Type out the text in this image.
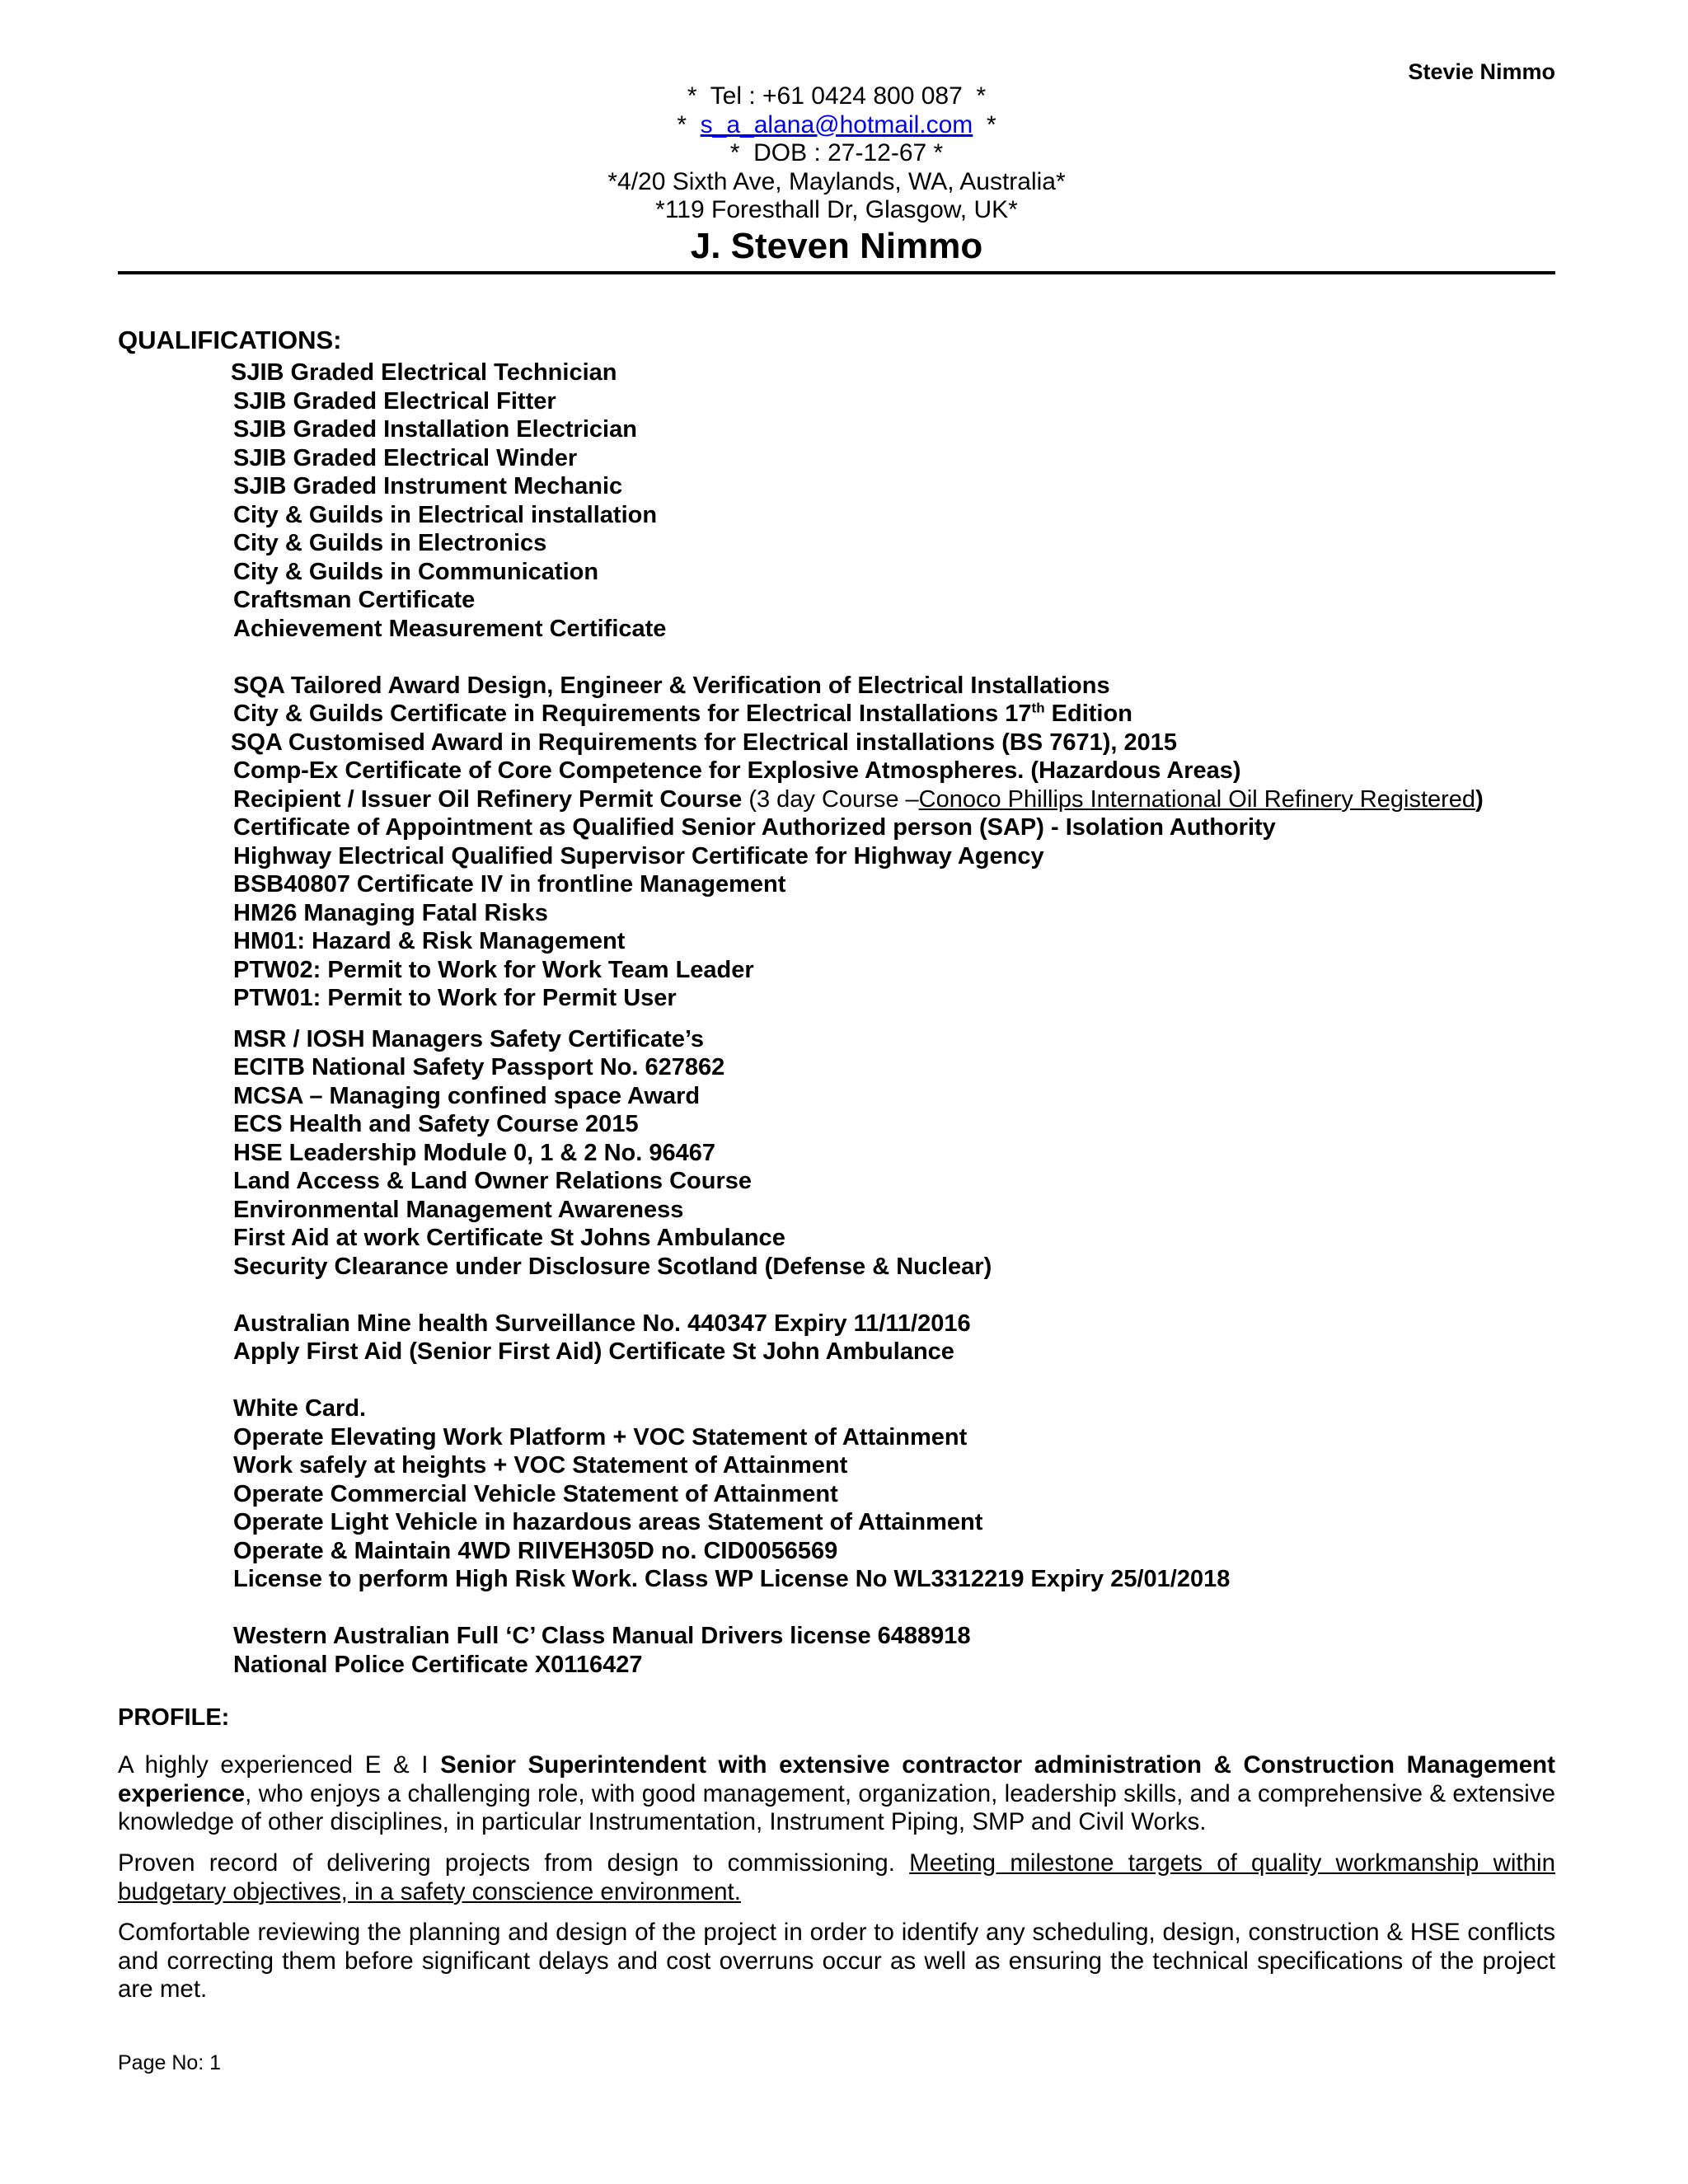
Stevie Nimmo
*  Tel : +61 0424 800 087  *
*  s_a_alana@hotmail.com  *
*  DOB : 27-12-67 *
*4/20 Sixth Ave, Maylands, WA, Australia*
*119 Foresthall Dr, Glasgow, UK*
J. Steven Nimmo
QUALIFICATIONS:
SJIB Graded Electrical Technician
SJIB Graded Electrical Fitter
SJIB Graded Installation Electrician
SJIB Graded Electrical Winder
SJIB Graded Instrument Mechanic
City & Guilds in Electrical installation
City & Guilds in Electronics
City & Guilds in Communication
Craftsman Certificate
Achievement Measurement Certificate
SQA Tailored Award Design, Engineer & Verification of Electrical Installations
City & Guilds Certificate in Requirements for Electrical Installations 17th Edition
SQA Customised Award in Requirements for Electrical installations (BS 7671), 2015
Comp-Ex Certificate of Core Competence for Explosive Atmospheres. (Hazardous Areas)
Recipient / Issuer Oil Refinery Permit Course (3 day Course –Conoco Phillips International Oil Refinery Registered)
Certificate of Appointment as Qualified Senior Authorized person (SAP) - Isolation Authority
Highway Electrical Qualified Supervisor Certificate for Highway Agency
BSB40807 Certificate IV in frontline Management
HM26 Managing Fatal Risks
HM01: Hazard & Risk Management
PTW02: Permit to Work for Work Team Leader
PTW01: Permit to Work for Permit User
MSR / IOSH Managers Safety Certificate’s
ECITB National Safety Passport No. 627862
MCSA – Managing confined space Award
ECS Health and Safety Course 2015
HSE Leadership Module 0, 1 & 2 No. 96467
Land Access & Land Owner Relations Course
Environmental Management Awareness
First Aid at work Certificate St Johns Ambulance
Security Clearance under Disclosure Scotland (Defense & Nuclear)
Australian Mine health Surveillance No. 440347 Expiry 11/11/2016
Apply First Aid (Senior First Aid) Certificate St John Ambulance
White Card.
Operate Elevating Work Platform + VOC Statement of Attainment
Work safely at heights + VOC Statement of Attainment
Operate Commercial Vehicle Statement of Attainment
Operate Light Vehicle in hazardous areas Statement of Attainment
Operate & Maintain 4WD RIIVEH305D no. CID0056569
License to perform High Risk Work. Class WP License No WL3312219 Expiry 25/01/2018
Western Australian Full ‘C’ Class Manual Drivers license 6488918
National Police Certificate X0116427
PROFILE:

A highly experienced E & I Senior Superintendent with extensive contractor administration & Construction Management experience, who enjoys a challenging role, with good management, organization, leadership skills, and a comprehensive & extensive knowledge of other disciplines, in particular Instrumentation, Instrument Piping, SMP and Civil Works.

Proven record of delivering projects from design to commissioning. Meeting milestone targets of quality workmanship within budgetary objectives, in a safety conscience environment.

Comfortable reviewing the planning and design of the project in order to identify any scheduling, design, construction & HSE conflicts and correcting them before significant delays and cost overruns occur as well as ensuring the technical specifications of the project are met.

Page No: 1
